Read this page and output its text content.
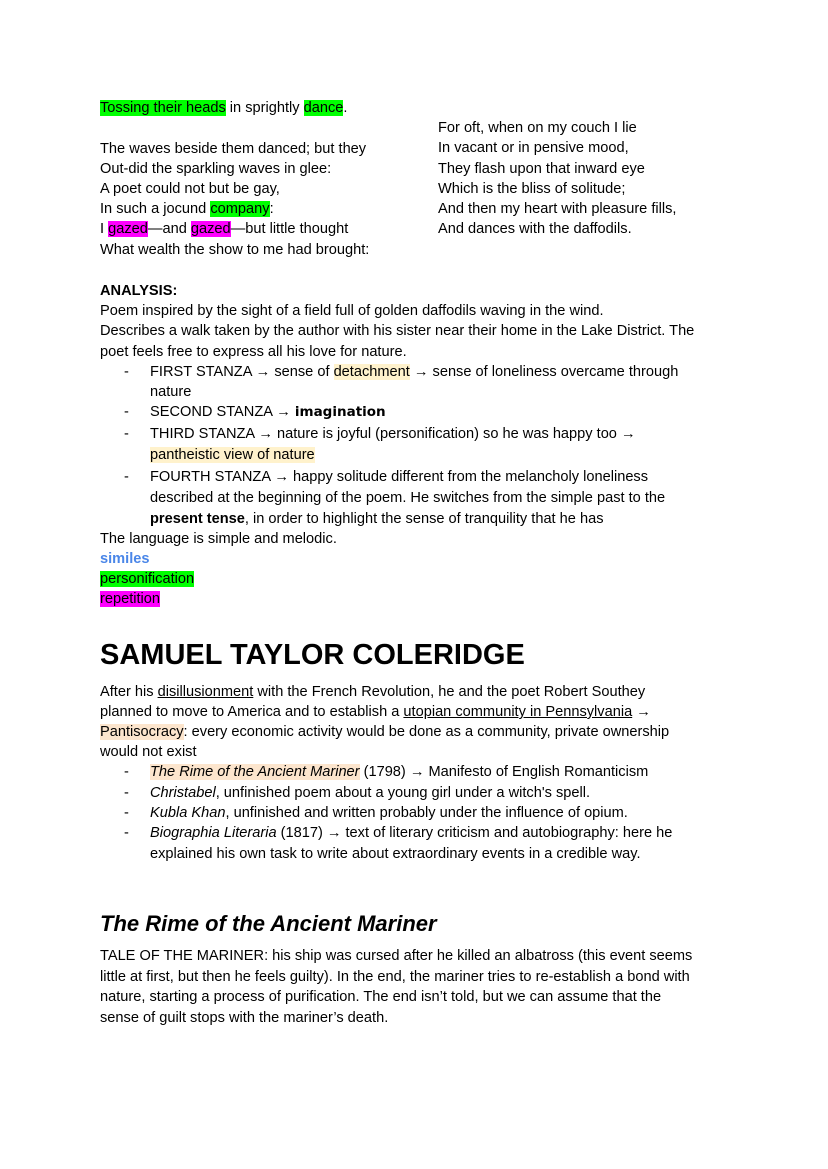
Tossing their heads in sprightly dance.
The waves beside them danced; but they
Out-did the sparkling waves in glee:
A poet could not but be gay,
In such a jocund company:
I gazed—and gazed—but little thought
What wealth the show to me had brought:
For oft, when on my couch I lie
In vacant or in pensive mood,
They flash upon that inward eye
Which is the bliss of solitude;
And then my heart with pleasure fills,
And dances with the daffodils.
ANALYSIS:
Poem inspired by the sight of a field full of golden daffodils waving in the wind.
Describes a walk taken by the author with his sister near their home in the Lake District. The
poet feels free to express all his love for nature.
- FIRST STANZA → sense of detachment → sense of loneliness overcame through
nature
- SECOND STANZA → imagination
- THIRD STANZA → nature is joyful (personification) so he was happy too →
pantheistic view of nature
- FOURTH STANZA → happy solitude different from the melancholy loneliness
described at the beginning of the poem. He switches from the simple past to the
present tense, in order to highlight the sense of tranquility that he has
The language is simple and melodic.
similes
personification
repetition
SAMUEL TAYLOR COLERIDGE
After his disillusionment with the French Revolution, he and the poet Robert Southey
planned to move to America and to establish a utopian community in Pennsylvania →
Pantisocracy: every economic activity would be done as a community, private ownership
would not exist
- The Rime of the Ancient Mariner (1798) → Manifesto of English Romanticism
- Christabel, unfinished poem about a young girl under a witch's spell.
- Kubla Khan, unfinished and written probably under the influence of opium.
- Biographia Literaria (1817) → text of literary criticism and autobiography: here he
explained his own task to write about extraordinary events in a credible way.
The Rime of the Ancient Mariner
TALE OF THE MARINER: his ship was cursed after he killed an albatross (this event seems
little at first, but then he feels guilty). In the end, the mariner tries to re-establish a bond with
nature, starting a process of purification. The end isn’t told, but we can assume that the
sense of guilt stops with the mariner’s death.
